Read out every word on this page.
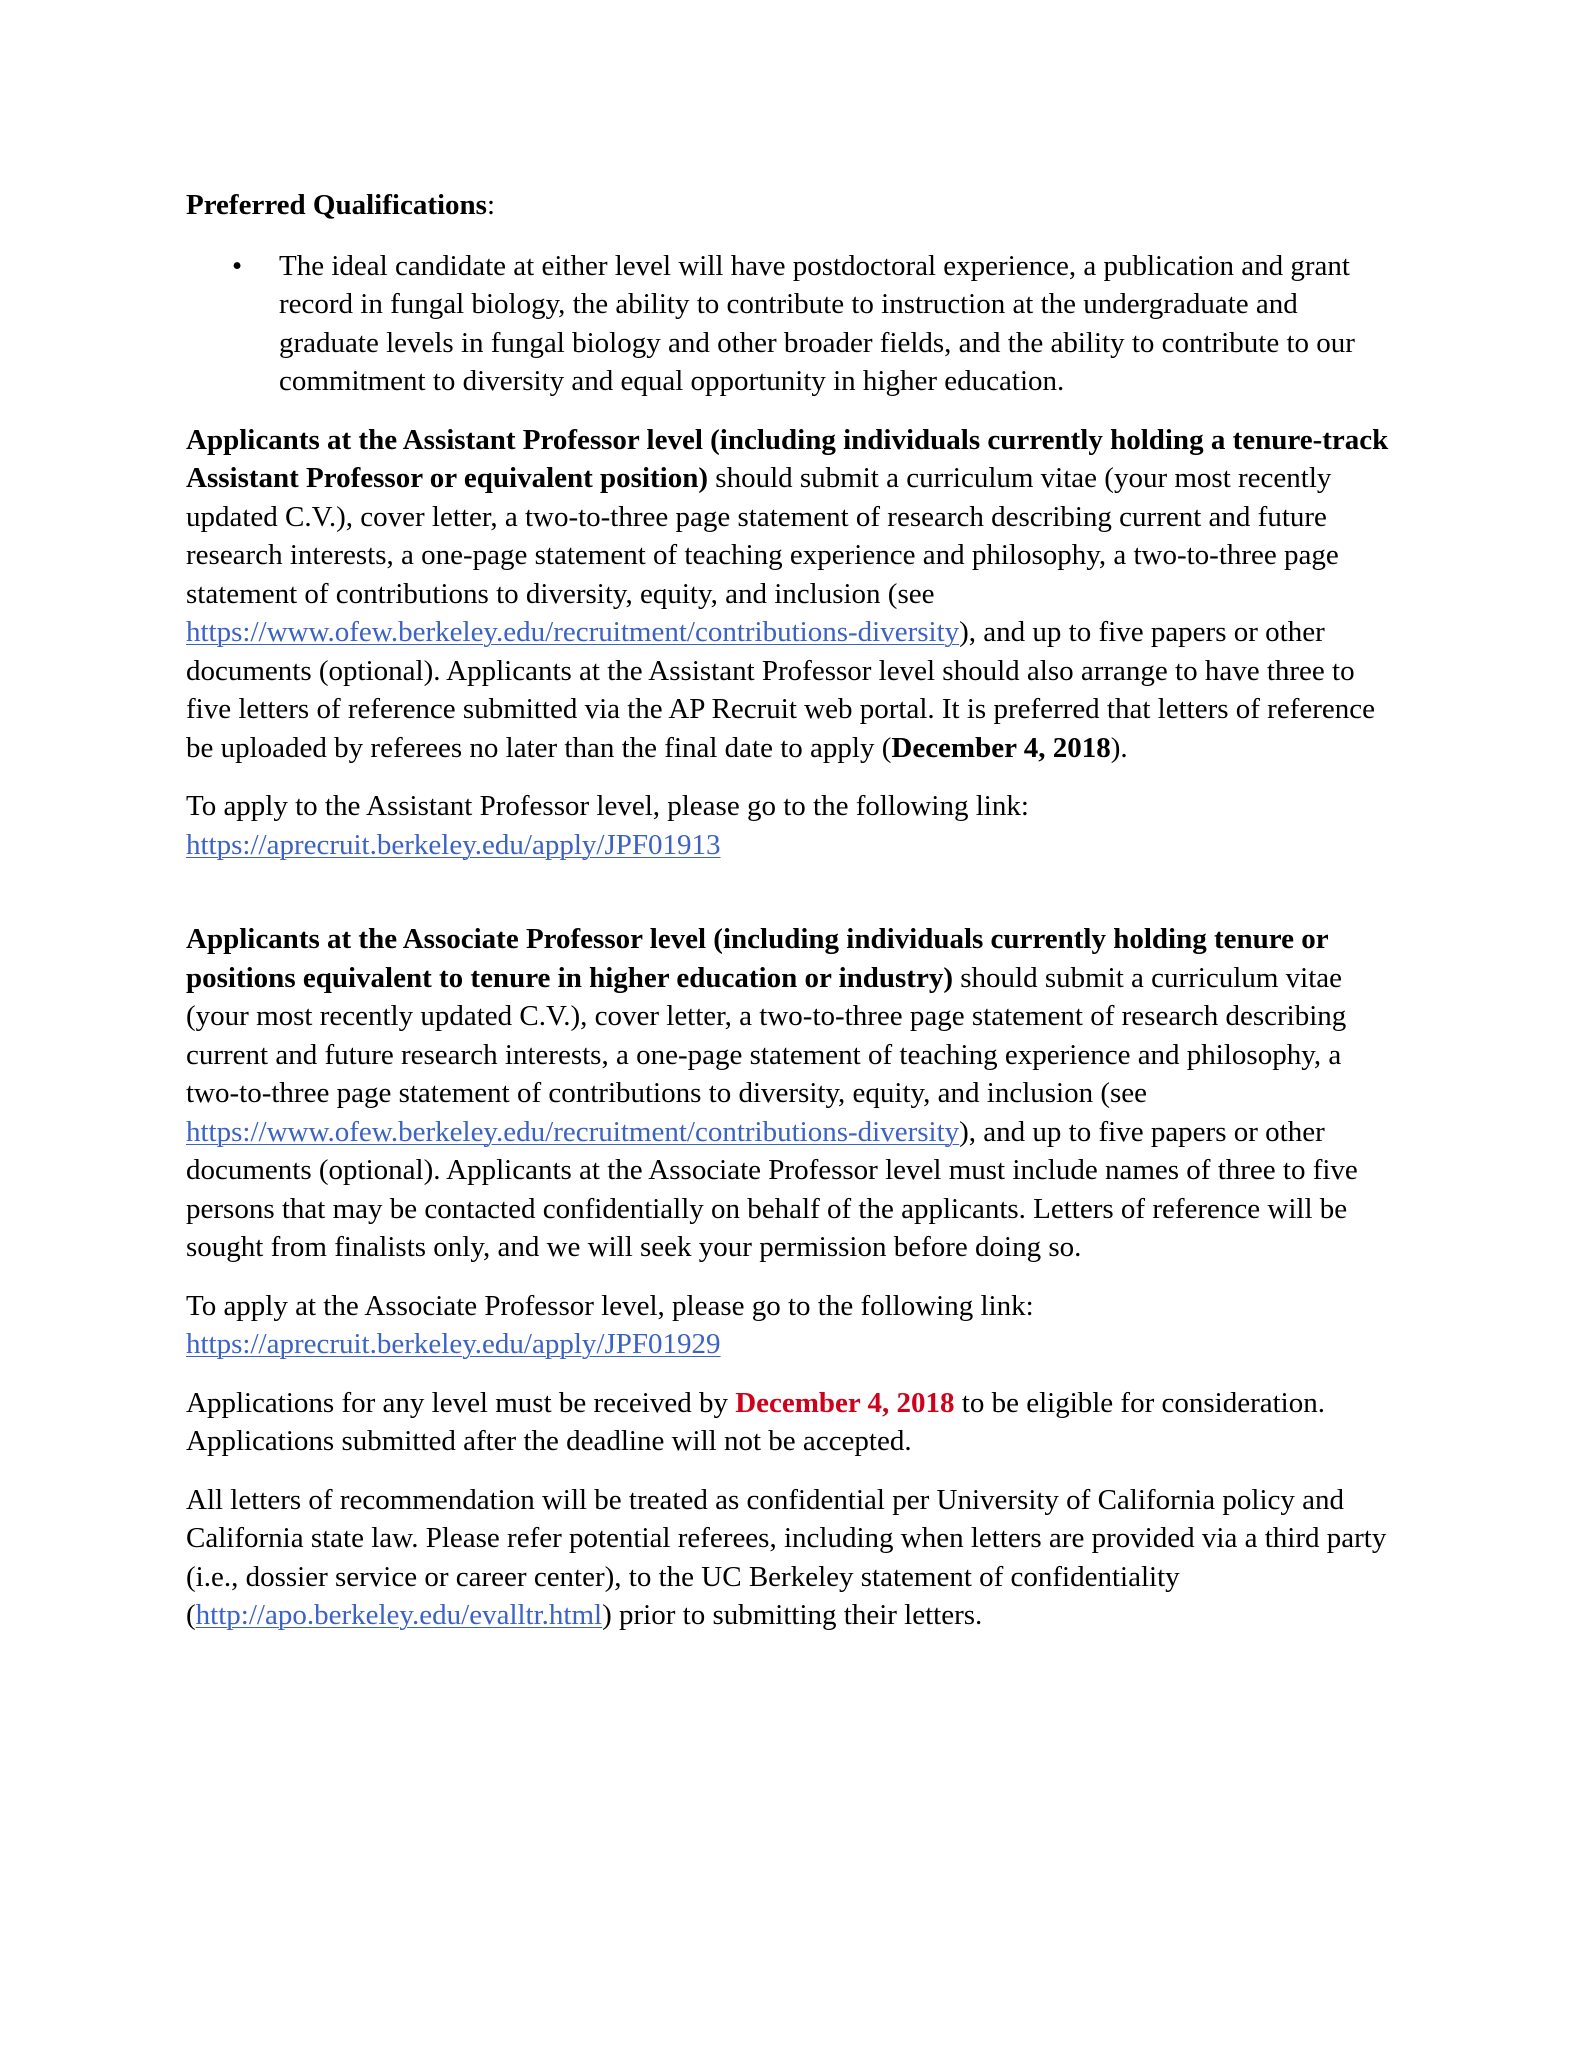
Preferred Qualifications:

• The ideal candidate at either level will have postdoctoral experience, a publication and grant record in fungal biology, the ability to contribute to instruction at the undergraduate and graduate levels in fungal biology and other broader fields, and the ability to contribute to our commitment to diversity and equal opportunity in higher education.

Applicants at the Assistant Professor level (including individuals currently holding a tenure-track Assistant Professor or equivalent position) should submit a curriculum vitae (your most recently updated C.V.), cover letter, a two-to-three page statement of research describing current and future research interests, a one-page statement of teaching experience and philosophy, a two-to-three page statement of contributions to diversity, equity, and inclusion (see https://www.ofew.berkeley.edu/recruitment/contributions-diversity), and up to five papers or other documents (optional). Applicants at the Assistant Professor level should also arrange to have three to five letters of reference submitted via the AP Recruit web portal. It is preferred that letters of reference be uploaded by referees no later than the final date to apply (December 4, 2018).

To apply to the Assistant Professor level, please go to the following link:
https://aprecruit.berkeley.edu/apply/JPF01913

Applicants at the Associate Professor level (including individuals currently holding tenure or positions equivalent to tenure in higher education or industry) should submit a curriculum vitae (your most recently updated C.V.), cover letter, a two-to-three page statement of research describing current and future research interests, a one-page statement of teaching experience and philosophy, a two-to-three page statement of contributions to diversity, equity, and inclusion (see https://www.ofew.berkeley.edu/recruitment/contributions-diversity), and up to five papers or other documents (optional). Applicants at the Associate Professor level must include names of three to five persons that may be contacted confidentially on behalf of the applicants. Letters of reference will be sought from finalists only, and we will seek your permission before doing so.

To apply at the Associate Professor level, please go to the following link:
https://aprecruit.berkeley.edu/apply/JPF01929

Applications for any level must be received by December 4, 2018 to be eligible for consideration. Applications submitted after the deadline will not be accepted.

All letters of recommendation will be treated as confidential per University of California policy and California state law. Please refer potential referees, including when letters are provided via a third party (i.e., dossier service or career center), to the UC Berkeley statement of confidentiality (http://apo.berkeley.edu/evalltr.html) prior to submitting their letters.
